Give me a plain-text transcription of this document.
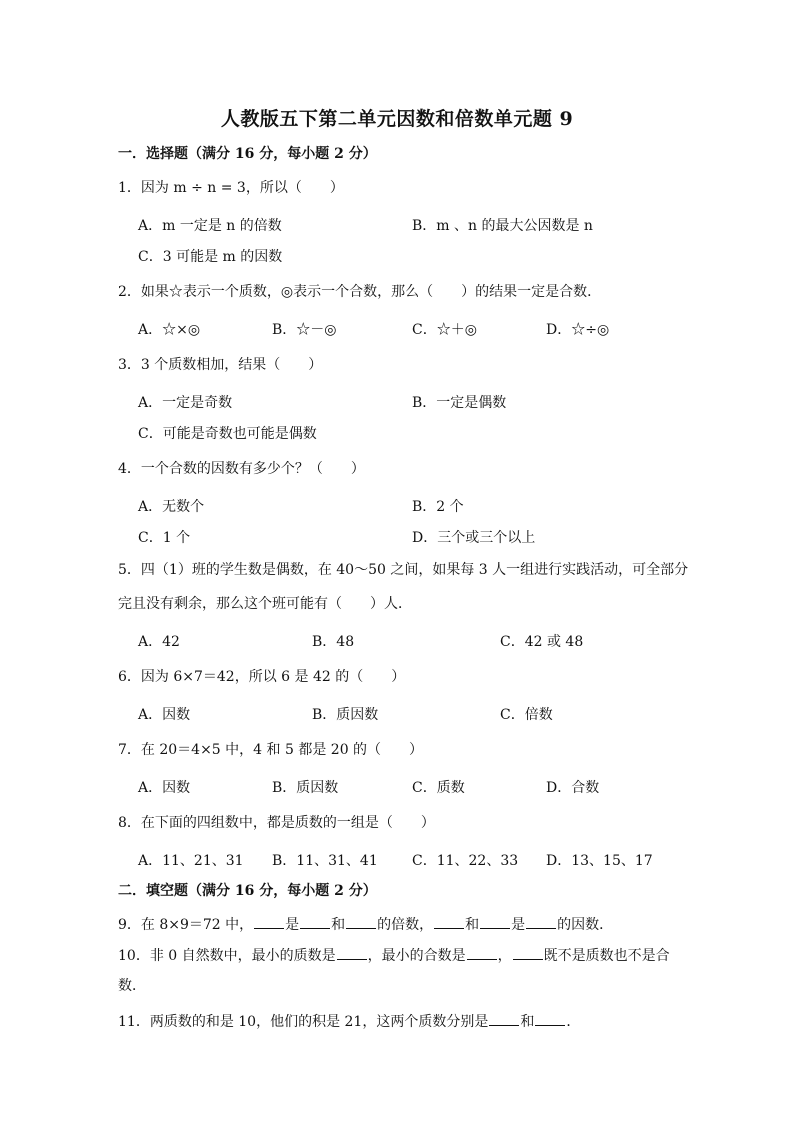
人教版五下第二单元因数和倍数单元题 9
一．选择题（满分 16 分，每小题 2 分）
1．因为 m ÷ n = 3，所以（　　）
A．m 一定是 n 的倍数	B．m 、n 的最大公因数是 n
C．3 可能是 m 的因数
2．如果☆表示一个质数，◎表示一个合数，那么（　　）的结果一定是合数．
A．☆×◎	B．☆－◎	C．☆＋◎	D．☆÷◎
3．3 个质数相加，结果（　　）
A．一定是奇数	B．一定是偶数
C．可能是奇数也可能是偶数
4．一个合数的因数有多少个？（　　）
A．无数个	B．2 个
C．1 个	D．三个或三个以上
5．四（1）班的学生数是偶数，在 40～50 之间，如果每 3 人一组进行实践活动，可全部分
完且没有剩余，那么这个班可能有（　　）人．
A．42	B．48	C．42 或 48
6．因为 6×7＝42，所以 6 是 42 的（　　）
A．因数	B．质因数	C．倍数
7．在 20＝4×5 中，4 和 5 都是 20 的（　　）
A．因数	B．质因数	C．质数	D．合数
8．在下面的四组数中，都是质数的一组是（　　）
A．11、21、31 B．11、31、41 C．11、22、33 D．13、15、17
二．填空题（满分 16 分，每小题 2 分）
9．在 8×9＝72 中， 是 和 的倍数， 和 是 的因数．
10．非 0 自然数中，最小的质数是 ，最小的合数是 ， 既不是质数也不是合
数．
11．两质数的和是 10，他们的积是 21，这两个质数分别是 和 ．
